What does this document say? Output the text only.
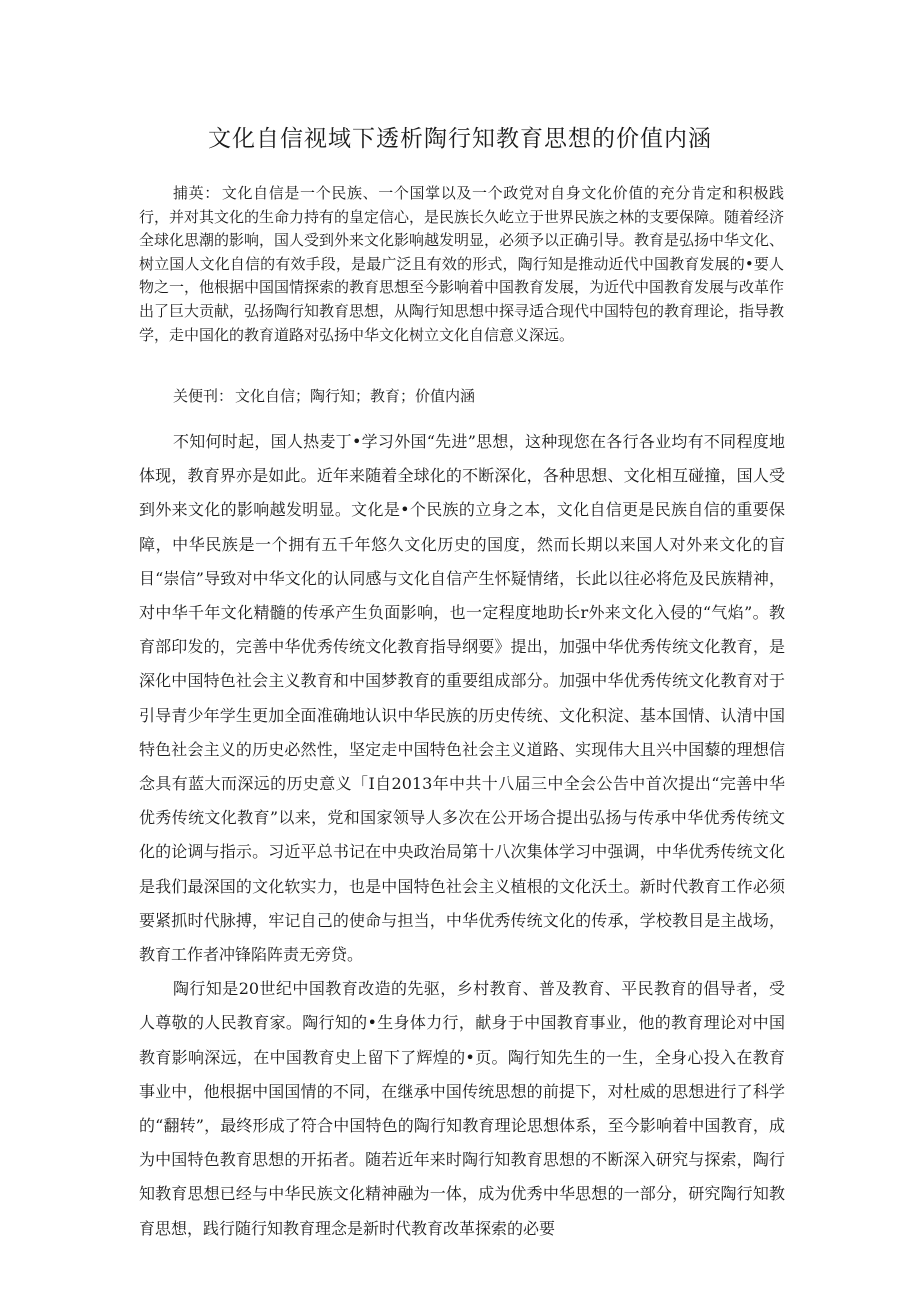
文化自信视域下透析陶行知教育思想的价值内涵

捕英： 文化自信是一个民族、一个国掌以及一个政党对自身文化价值的充分肯定和积极践行，并对其文化的生命力持有的皇定信心，是民族长久屹立于世界民族之林的支要保障。随着经济全球化思潮的影响，国人受到外来文化影响越发明显，必须予以正确引导。教育是弘扬中华文化、树立国人文化自信的有效手段，是最广泛且有效的形式，陶行知是推动近代中国教育发展的•要人物之一，他根据中国国情探索的教育思想至今影响着中国教育发展，为近代中国教育发展与改革作出了巨大贡献，弘扬陶行知教育思想，从陶行知思想中探寻适合现代中国特包的教育理论，指导教学，走中国化的教育道路对弘扬中华文化树立文化自信意义深远。

关便刊： 文化自信；陶行知；教育；价值内涵

不知何时起，国人热麦丁•学习外国“先进”思想，这种现您在各行各业均有不同程度地体现，教育界亦是如此。近年来随着全球化的不断深化，各种思想、文化相互碰撞，国人受到外来文化的影响越发明显。文化是•个民族的立身之本，文化自信更是民族自信的重要保障，中华民族是一个拥有五千年悠久文化历史的国度，然而长期以来国人对外来文化的盲目“崇信”导致对中华文化的认同感与文化自信产生怀疑情绪，长此以往必将危及民族精神，对中华千年文化精髓的传承产生负面影响，也一定程度地助长r外来文化入侵的“气焰”。教育部印发的，完善中华优秀传统文化教育指导纲要》提出，加强中华优秀传统文化教育，是深化中国特色社会主义教育和中国梦教育的重要组成部分。加强中华优秀传统文化教育对于引导青少年学生更加全面准确地认识中华民族的历史传统、文化积淀、基本国情、认清中国特色社会主义的历史必然性，坚定走中国特色社会主义道路、实现伟大且兴中国藜的理想信念具有蓝大而深远的历史意义「I自2013年中共十八届三中全会公告中首次提出“完善中华优秀传统文化教育”以来，党和国家领导人多次在公开场合提出弘扬与传承中华优秀传统文化的论调与指示。习近平总书记在中央政治局第十八次集体学习中强调，中华优秀传统文化是我们最深国的文化软实力，也是中国特色社会主义植根的文化沃土。新时代教育工作必须要紧抓时代脉搏，牢记自己的使命与担当，中华优秀传统文化的传承，学校教目是主战场，教育工作者冲锋陷阵责无旁贷。

陶行知是20世纪中国教育改造的先驱，乡村教育、普及教育、平民教育的倡导者，受人尊敬的人民教育家。陶行知的•生身体力行，献身于中国教育事业，他的教育理论对中国教育影响深远，在中国教育史上留下了辉煌的•页。陶行知先生的一生，全身心投入在教育事业中，他根据中国国情的不同，在继承中国传统思想的前提下，对杜威的思想进行了科学的“翻转”，最终形成了符合中国特色的陶行知教育理论思想体系，至今影响着中国教育，成为中国特色教育思想的开拓者。随若近年来时陶行知教育思想的不断深入研究与探索，陶行知教育思想已经与中华民族文化精神融为一体，成为优秀中华思想的一部分，研究陶行知教育思想，践行随行知教育理念是新时代教育改革探索的必要
